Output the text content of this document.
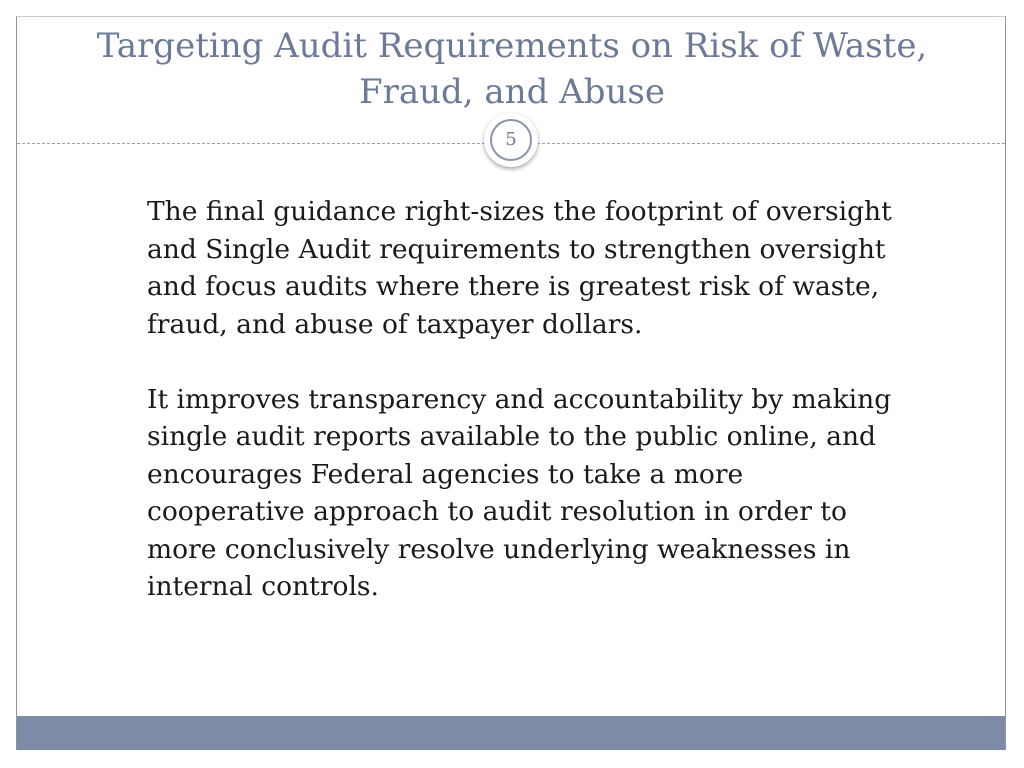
Targeting Audit Requirements on Risk of Waste, Fraud, and Abuse
5

The final guidance right-sizes the footprint of oversight and Single Audit requirements to strengthen oversight and focus audits where there is greatest risk of waste, fraud, and abuse of taxpayer dollars.

It improves transparency and accountability by making single audit reports available to the public online, and encourages Federal agencies to take a more cooperative approach to audit resolution in order to more conclusively resolve underlying weaknesses in internal controls.
